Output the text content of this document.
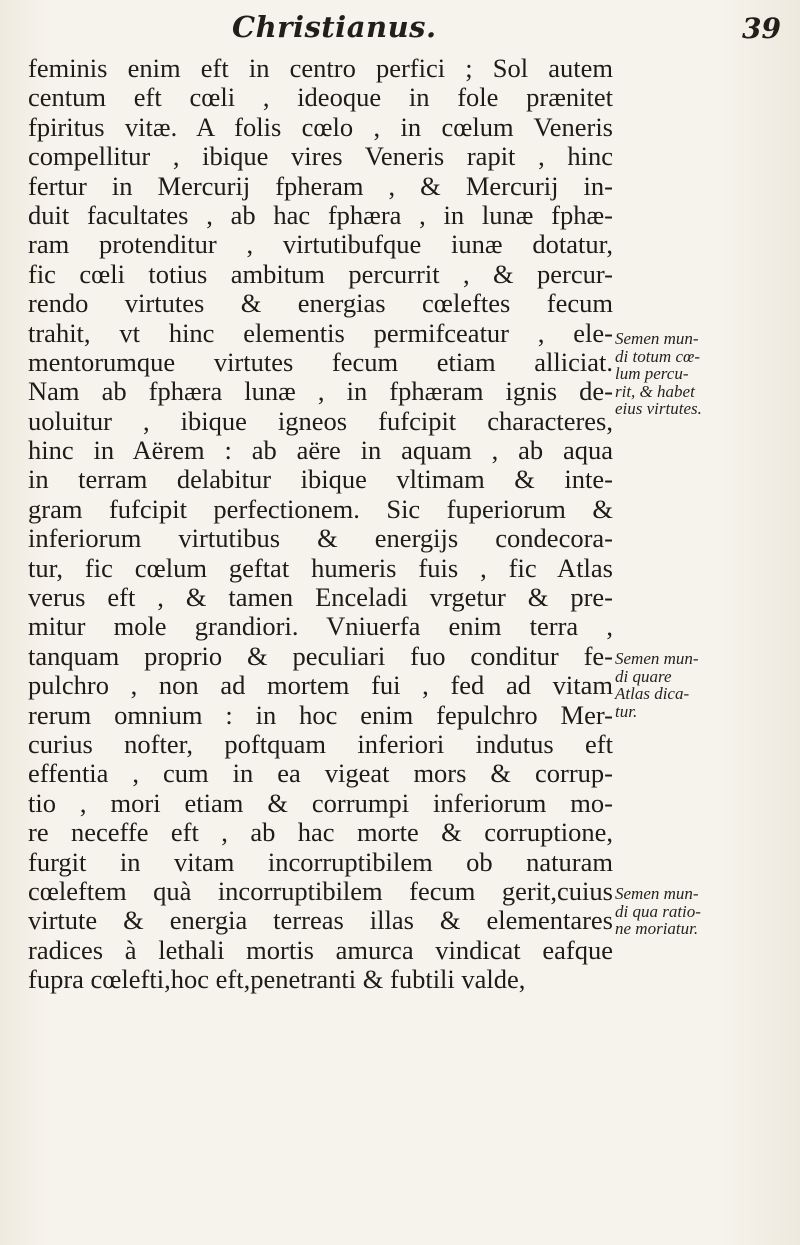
Christianus.	39
feminis enim eft in centro perfici ; Sol autem
centum eft cœli , ideoque in fole prænitet
fpiritus vitæ. A folis cœlo , in cœlum Veneris
compellitur , ibique vires Veneris rapit , hinc
fertur in Mercurij fpheram , & Mercurij in-
duit facultates , ab hac fphæra , in lunæ fphæ-
ram protenditur , virtutibufque iunæ dotatur,
fic cœli totius ambitum percurrit , & percur-
rendo virtutes & energias cœleftes fecum
trahit, vt hinc elementis permifceatur , ele-
mentorumque virtutes fecum etiam alliciat.
Nam ab fphæra lunæ , in fphæram ignis de-
uoluitur , ibique igneos fufcipit characteres,
hinc in Aërem : ab aëre in aquam , ab aqua
in terram delabitur ibique vltimam & inte-
gram fufcipit perfectionem. Sic fuperiorum &
inferiorum virtutibus & energijs condecora-
tur, fic cœlum geftat humeris fuis , fic Atlas
verus eft , & tamen Enceladi vrgetur & pre-
mitur mole grandiori. Vniuerfa enim terra ,
tanquam proprio & peculiari fuo conditur fe-
pulchro , non ad mortem fui , fed ad vitam
rerum omnium : in hoc enim fepulchro Mer-
curius nofter, poftquam inferiori indutus eft
effentia , cum in ea vigeat mors & corrup-
tio , mori etiam & corrumpi inferiorum mo-
re neceffe eft , ab hac morte & corruptione,
furgit in vitam incorruptibilem ob naturam
cœleftem quà incorruptibilem fecum gerit,cuius
virtute & energia terreas illas & elementares
radices à lethali mortis amurca vindicat eafque
fupra cœlefti,hoc eft,penetranti & fubtili valde,
Semen mun-
di totum cœ-
lum percu-
rit, & habet
eius virtutes.
Semen mun-
di quare
Atlas dica-
tur.
Semen mun-
di qua ratio-
ne moriatur.
